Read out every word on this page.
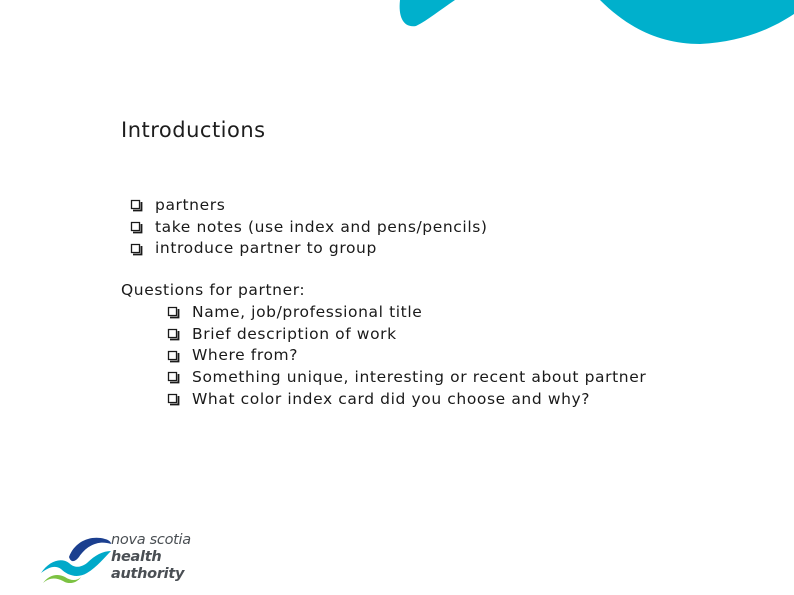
Introductions
partners
take notes (use index and pens/pencils)
introduce partner to group

Questions for partner:

Name, job/professional title
Brief description of work
Where from?
Something unique, interesting or recent about partner
What color index card did you choose and why?
nova scotia
health authority
